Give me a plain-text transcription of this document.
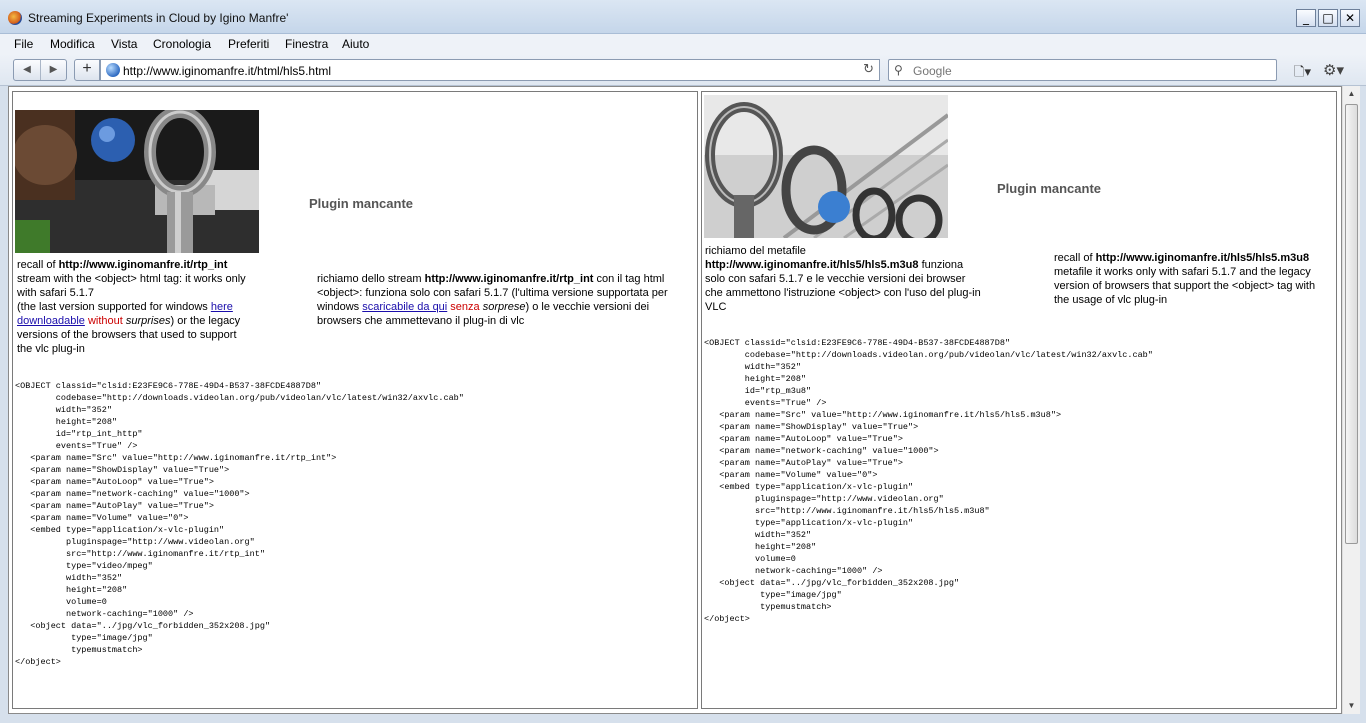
Streaming Experiments in Cloud by Igino Manfre'	_	□ ✕
File Modifica Vista Cronologia Preferiti Finestra Aiuto
◀	▶	+	http://www.iginomanfre.it/html/hls5.html	↻ ⚲
Google	🗋▾ ⚙▾
Plugin mancante
recall of http://www.iginomanfre.it/rtp_int
stream with the <object> html tag: it works only with safari 5.1.7
(the last version supported for windows here downloadable without surprises) or the legacy versions of the browsers that used to support the vlc plug-in
richiamo dello stream http://www.iginomanfre.it/rtp_int con il tag html <object>: funziona solo con safari 5.1.7 (l'ultima versione supportata per windows scaricabile da qui senza sorprese) o le vecchie versioni dei browsers che ammettevano il plug-in di vlc
<OBJECT classid="clsid:E23FE9C6-778E-49D4-B537-38FCDE4887D8"
codebase="http://downloads.videolan.org/pub/videolan/vlc/latest/win32/axvlc.cab"
width="352"
height="208"
id="rtp_int_http"
events="True" />
<param name="Src" value="http://www.iginomanfre.it/rtp_int">
<param name="ShowDisplay" value="True">
<param name="AutoLoop" value="True">
<param name="network-caching" value="1000">
<param name="AutoPlay" value="True">
<param name="Volume" value="0">
<embed type="application/x-vlc-plugin"
pluginspage="http://www.videolan.org"
src="http://www.iginomanfre.it/rtp_int"
type="video/mpeg"
width="352"
height="208"
volume=0
network-caching="1000" />
<object data="../jpg/vlc_forbidden_352x208.jpg"
type="image/jpg"
typemustmatch>
</object>
Plugin mancante
richiamo del metafile http://www.iginomanfre.it/hls5/hls5.m3u8 funziona solo con safari 5.1.7 e le vecchie versioni dei browser che ammettono l'istruzione <object> con l'uso del plug-in VLC
recall of http://www.iginomanfre.it/hls5/hls5.m3u8 metafile it works only with safari 5.1.7 and the legacy version of browsers that support the <object> tag with the usage of vlc plug-in
<OBJECT classid="clsid:E23FE9C6-778E-49D4-B537-38FCDE4887D8"
codebase="http://downloads.videolan.org/pub/videolan/vlc/latest/win32/axvlc.cab"
width="352"
height="208"
id="rtp_m3u8"
events="True" />
<param name="Src" value="http://www.iginomanfre.it/hls5/hls5.m3u8">
<param name="ShowDisplay" value="True">
<param name="AutoLoop" value="True">
<param name="network-caching" value="1000">
<param name="AutoPlay" value="True">
<param name="Volume" value="0">
<embed type="application/x-vlc-plugin"
pluginspage="http://www.videolan.org"
src="http://www.iginomanfre.it/hls5/hls5.m3u8"
type="application/x-vlc-plugin"
width="352"
height="208"
volume=0
network-caching="1000" />
<object data="../jpg/vlc_forbidden_352x208.jpg"
type="image/jpg"
typemustmatch>
</object>
▲
▼
